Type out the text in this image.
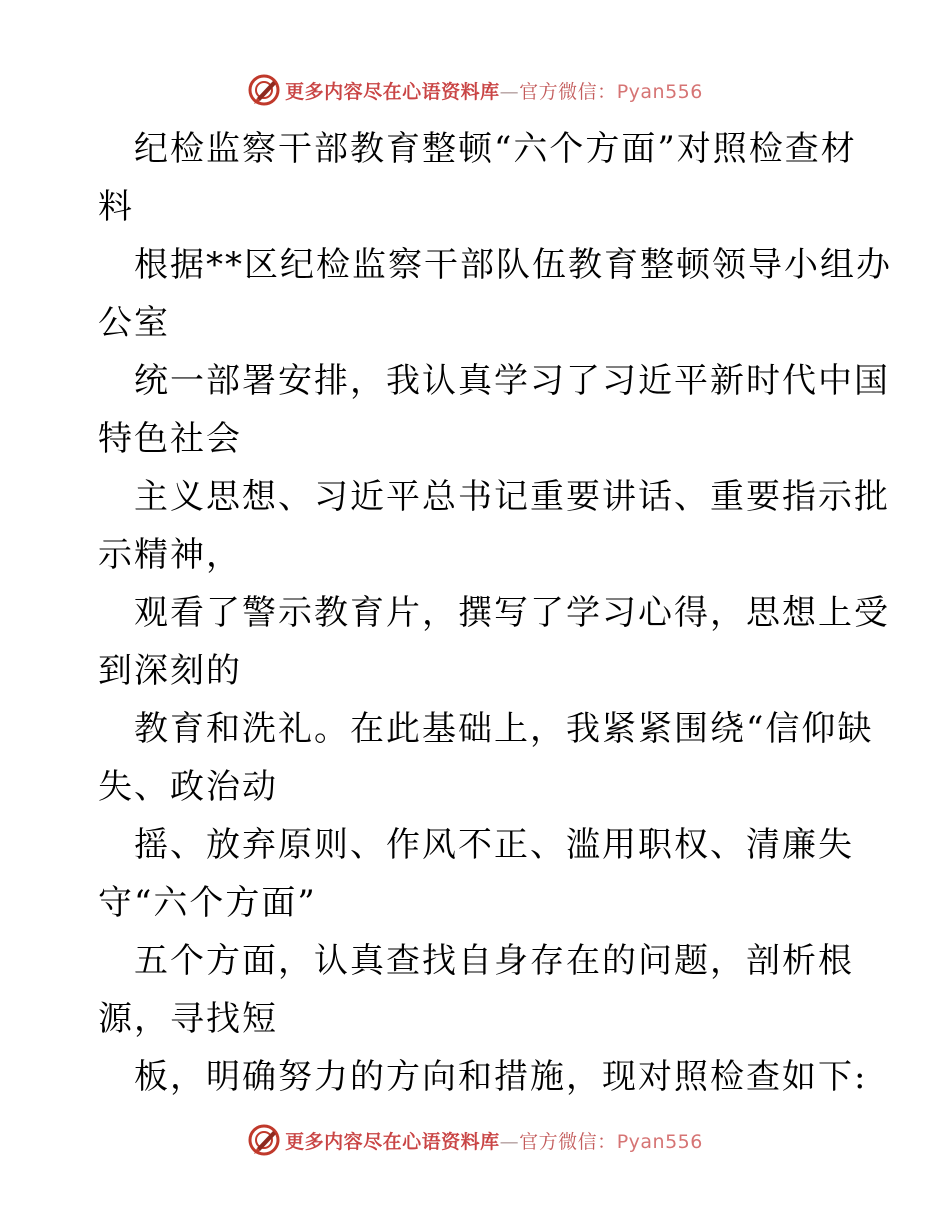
更多内容尽在心语资料库—官方微信：Pyan556
纪检监察干部教育整顿“六个方面”对照检查材
料
根据**区纪检监察干部队伍教育整顿领导小组办
公室
统一部署安排，我认真学习了习近平新时代中国
特色社会
主义思想、习近平总书记重要讲话、重要指示批
示精神，
观看了警示教育片，撰写了学习心得，思想上受
到深刻的
教育和洗礼。在此基础上，我紧紧围绕“信仰缺
失、政治动
摇、放弃原则、作风不正、滥用职权、清廉失
守“六个方面”
五个方面，认真查找自身存在的问题，剖析根
源，寻找短
板，明确努力的方向和措施，现对照检查如下:
更多内容尽在心语资料库—官方微信：Pyan556
